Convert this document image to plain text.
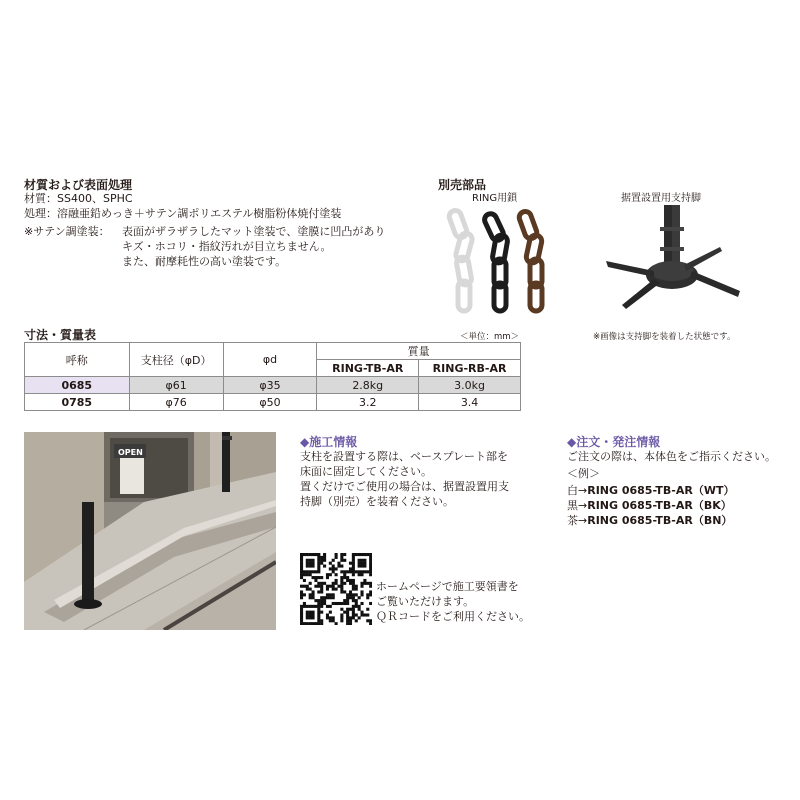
材質および表面処理
材質：SS400、SPHC
処理：溶融亜鉛めっき＋サテン調ポリエステル樹脂粉体焼付塗装
※サテン調塗装： 表面がザラザラしたマット塗装で、塗膜に凹凸があり
キズ・ホコリ・指紋汚れが目立ちません。
また、耐摩耗性の高い塗装です。
別売部品
RING用鎖	据置設置用支持脚
※画像は支持脚を装着した状態です。
寸法・質量表	＜単位：mm＞
呼称	支柱径（φD）	φd	質量	
			RING-TB-AR	RING-RB-AR
0685	φ61	φ35	2.8kg	3.0kg
0785	φ76	φ50	3.2	3.4
OPEN
◆施工情報
支柱を設置する際は、ベースプレート部を
床面に固定してください。
置くだけでご使用の場合は、据置設置用支
持脚（別売）を装着ください。
ホームページで施工要領書を
ご覧いただけます。
ＱＲコードをご利用ください。
◆注文・発注情報
ご注文の際は、本体色をご指示ください。
＜例＞
白→RING 0685-TB-AR（WT）
黒→RING 0685-TB-AR（BK）
茶→RING 0685-TB-AR（BN）
